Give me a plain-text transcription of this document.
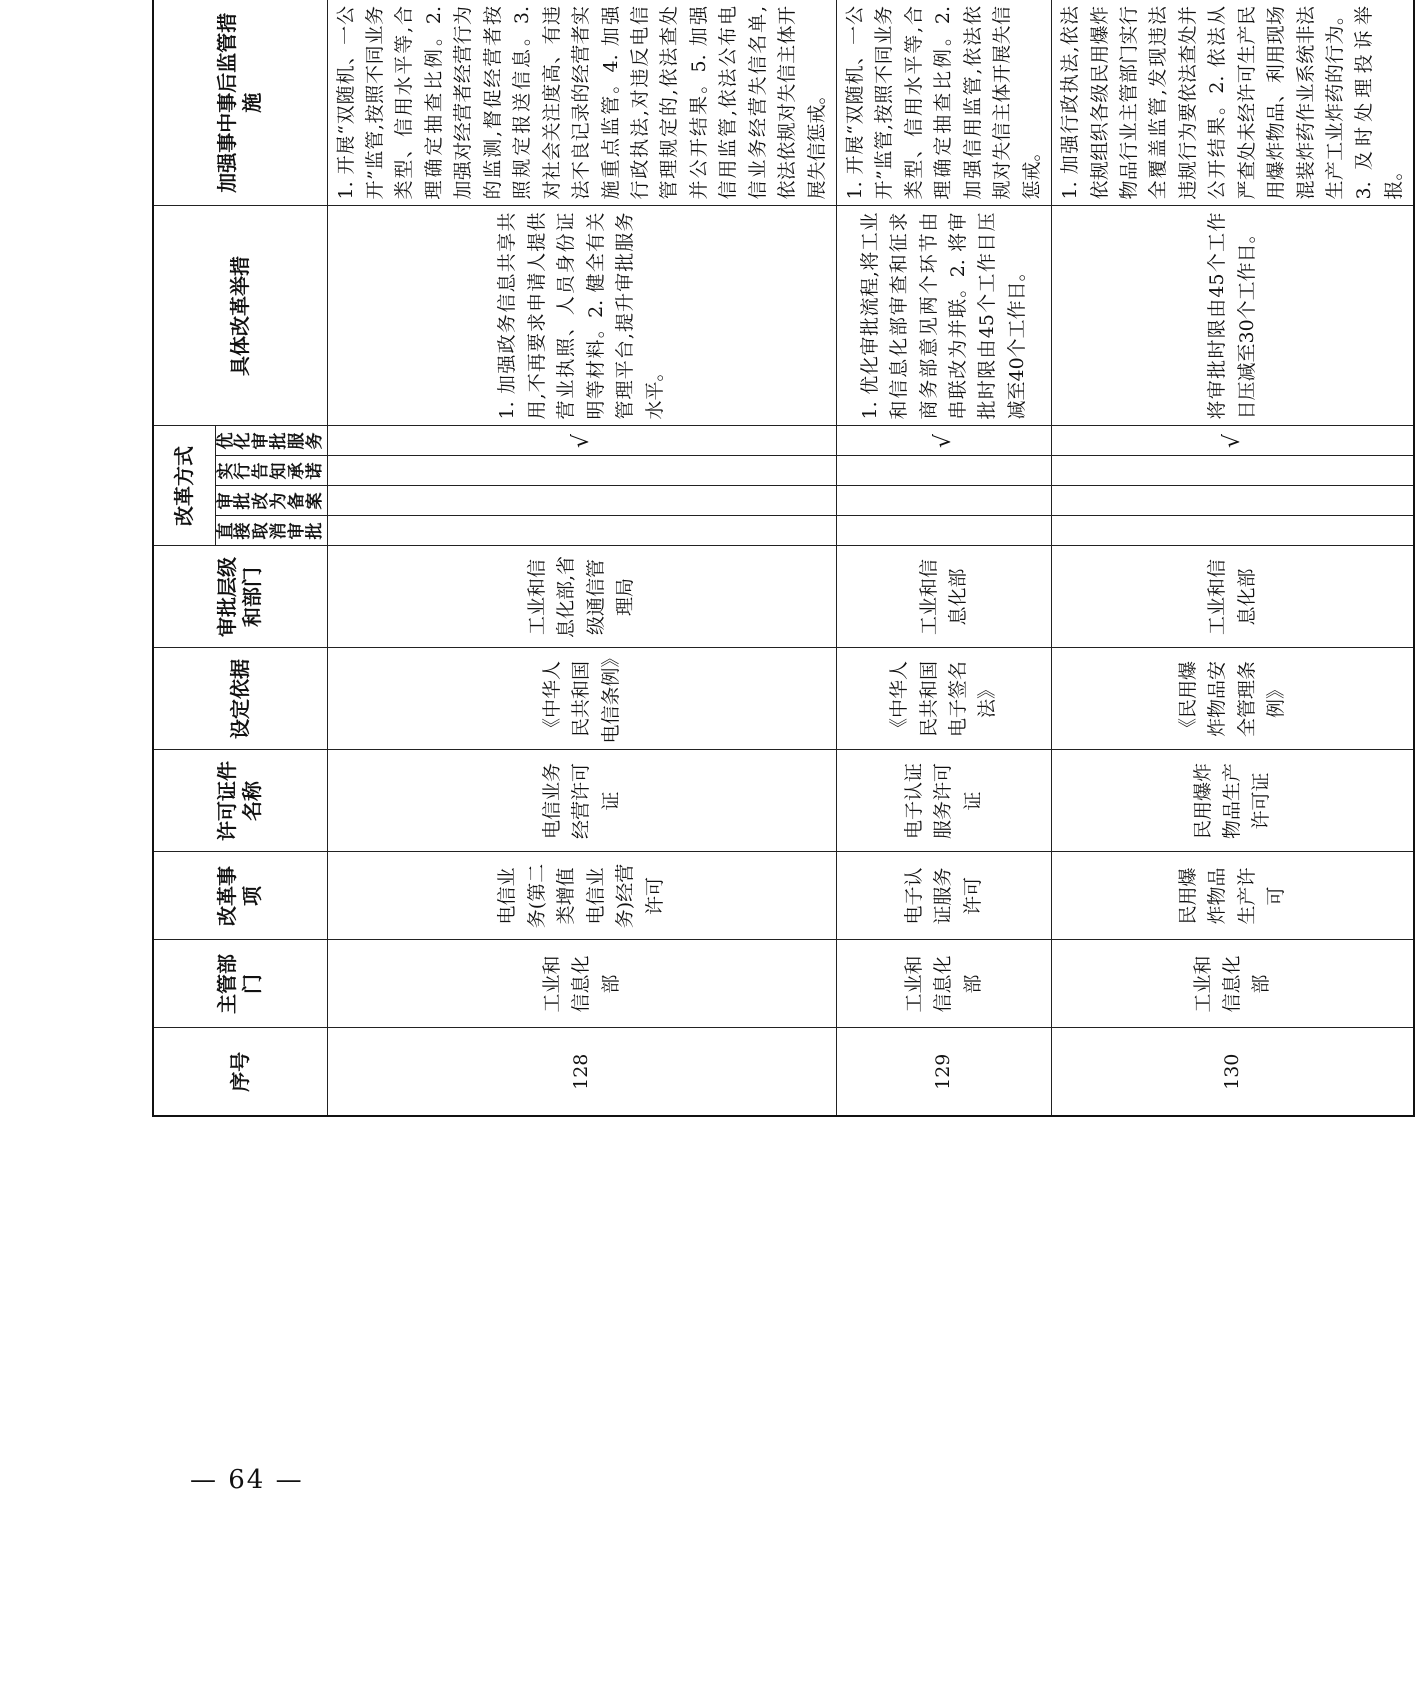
序号	主管部门	改革事项	许可证件名称	设定依据	审批层级和部门	改革方式				具体改革举措	加强事中事后监管措施
						直接取消审批	审批改为备案	实行告知承诺	优化审批服务		
128	工业和信息化部	电信业务(第二类增值电信业务)经营许可	电信业务经营许可证	《中华人民共和国电信条例》	工业和信息化部,省级通信管理局				√	1. 加强政务信息共享共用,不再要求申请人提供营业执照、人员身份证明等材料。2. 健全有关管理平台,提升审批服务水平。	1. 开展“双随机、一公开”监管,按照不同业务类型、信用水平等,合理确定抽查比例。2. 加强对经营者经营行为的监测,督促经营者按照规定报送信息。3. 对社会关注度高、有违法不良记录的经营者实施重点监管。4. 加强行政执法,对违反电信管理规定的,依法查处并公开结果。5. 加强信用监管,依法公布电信业务经营失信名单,依法依规对失信主体开展失信惩戒。
129	工业和信息化部	电子认证服务许可	电子认证服务许可证	《中华人民共和国电子签名法》	工业和信息化部				√	1. 优化审批流程,将工业和信息化部审查和征求商务部意见两个环节由串联改为并联。2. 将审批时限由45个工作日压减至40个工作日。	1. 开展“双随机、一公开”监管,按照不同业务类型、信用水平等,合理确定抽查比例。2. 加强信用监管,依法依规对失信主体开展失信惩戒。
130	工业和信息化部	民用爆炸物品生产许可	民用爆炸物品生产许可证	《民用爆炸物品安全管理条例》	工业和信息化部				√	将审批时限由45个工作日压减至30个工作日。	1. 加强行政执法,依法依规组织各级民用爆炸物品行业主管部门实行全覆盖监管,发现违法违规行为要依法查处并公开结果。2. 依法从严查处未经许可生产民用爆炸物品、利用现场混装炸药作业系统非法生产工业炸药的行为。3. 及时处理投诉举报。
— 64 —
